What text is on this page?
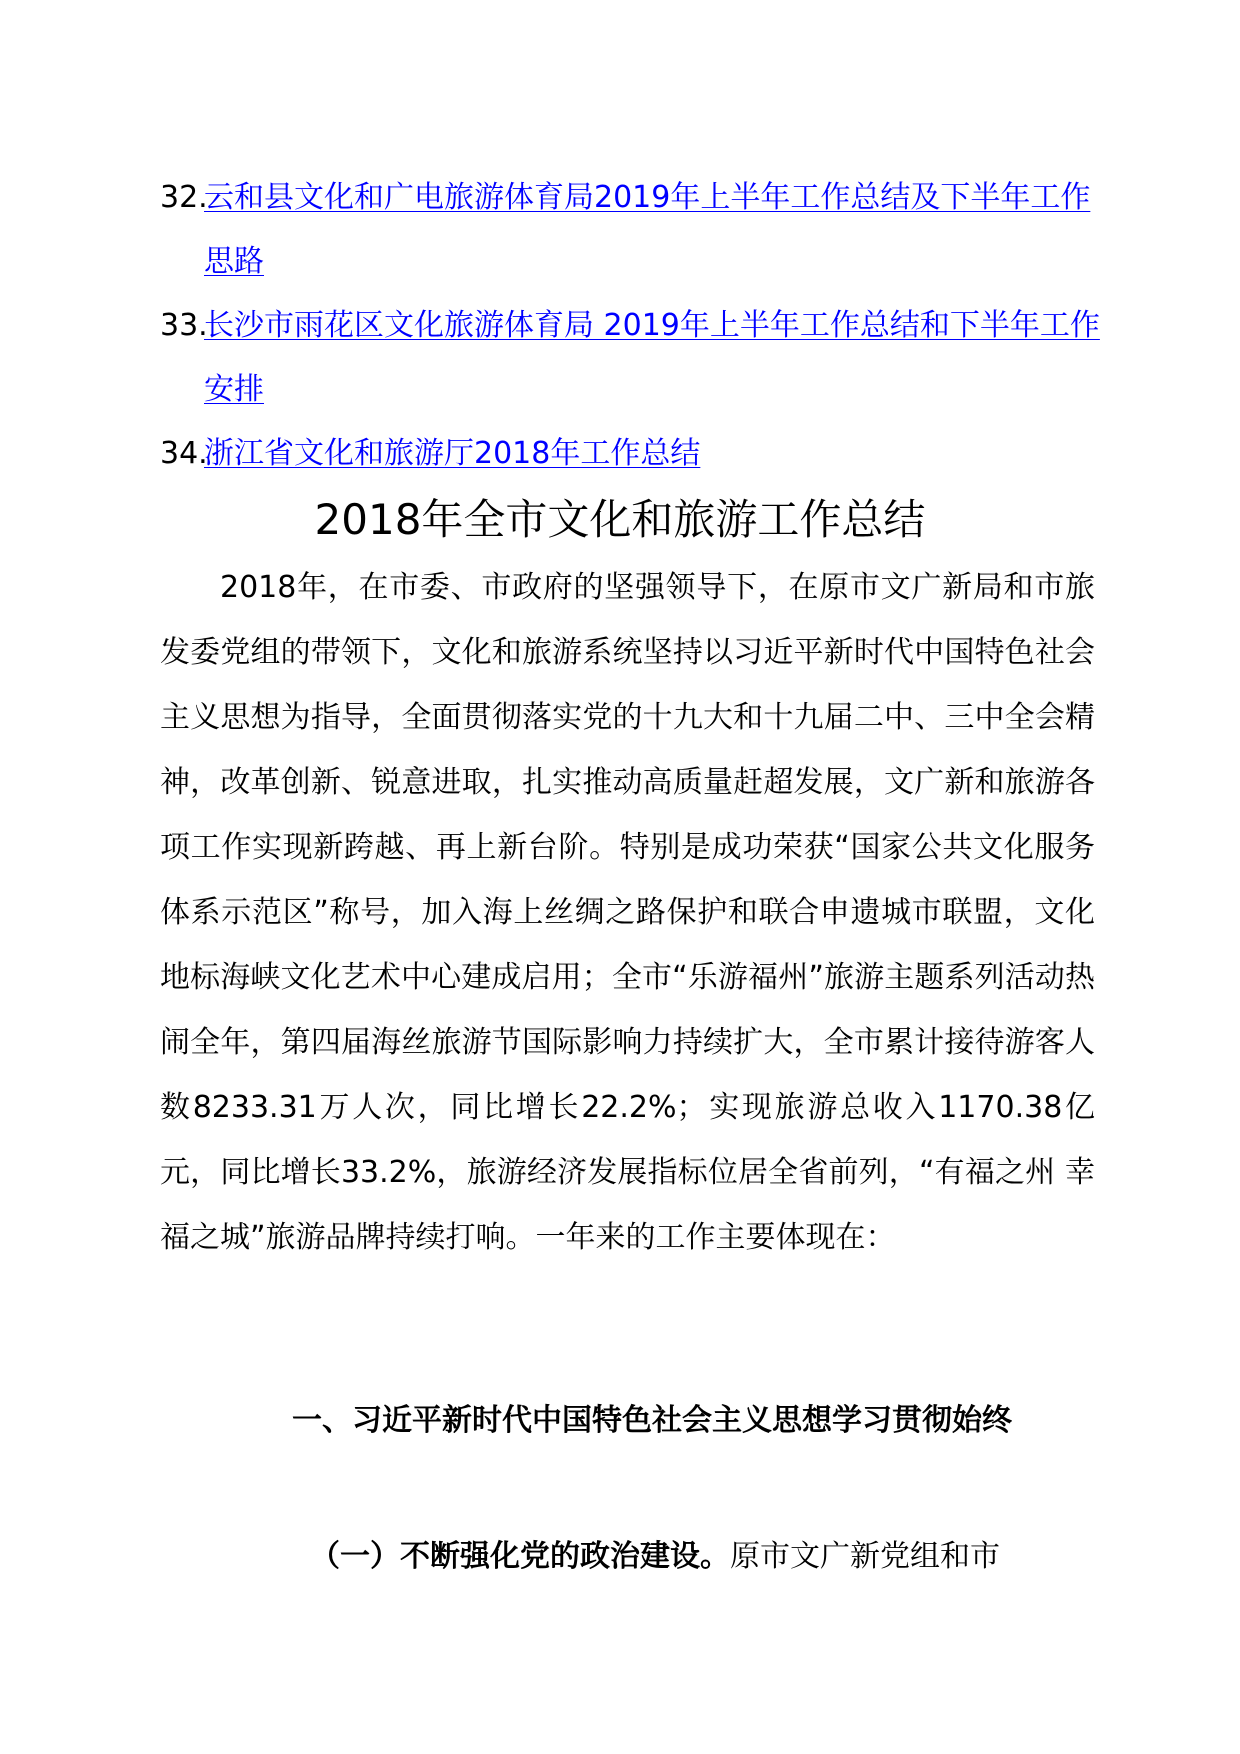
32.
云和县文化和广电旅游体育局2019年上半年工作总结及下半年工作思路
33.
长沙市雨花区文化旅游体育局 2019年上半年工作总结和下半年工作安排
34.
浙江省文化和旅游厅2018年工作总结
2018年全市文化和旅游工作总结

2018年，在市委、市政府的坚强领导下，在原市文广新局和市旅发委党组的带领下，文化和旅游系统坚持以习近平新时代中国特色社会主义思想为指导，全面贯彻落实党的十九大和十九届二中、三中全会精神，改革创新、锐意进取，扎实推动高质量赶超发展，文广新和旅游各项工作实现新跨越、再上新台阶。特别是成功荣获“国家公共文化服务体系示范区”称号，加入海上丝绸之路保护和联合申遗城市联盟，文化地标海峡文化艺术中心建成启用；全市“乐游福州”旅游主题系列活动热闹全年，第四届海丝旅游节国际影响力持续扩大，全市累计接待游客人数8233.31万人次，同比增长22.2%；实现旅游总收入1170.38亿元，同比增长33.2%，旅游经济发展指标位居全省前列，“有福之州 幸福之城”旅游品牌持续打响。一年来的工作主要体现在：

一、习近平新时代中国特色社会主义思想学习贯彻始终

（一）不断强化党的政治建设。原市文广新党组和市
